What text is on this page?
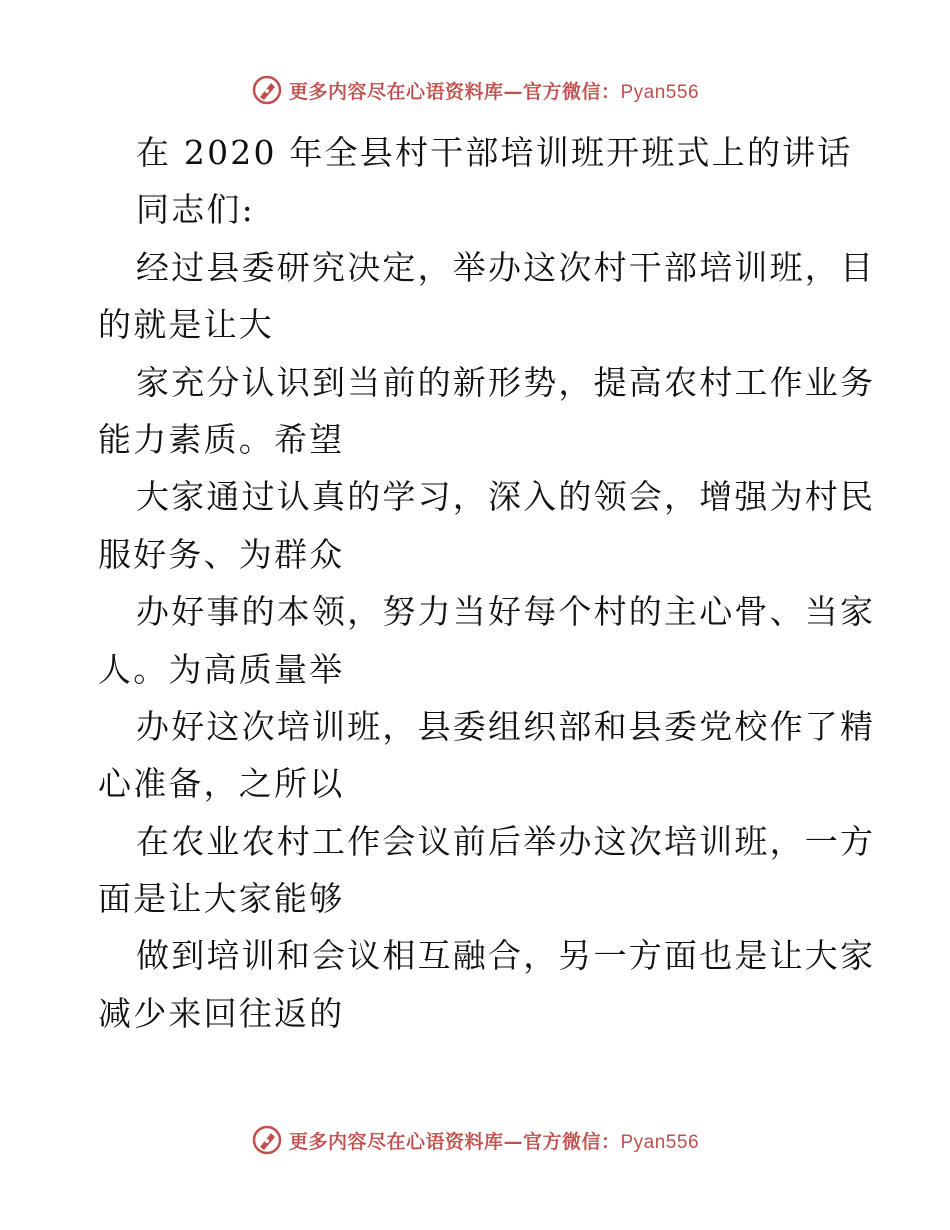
更多内容尽在心语资料库—官方微信：Pyan556
在 2020 年全县村干部培训班开班式上的讲话
同志们:
经过县委研究决定，举办这次村干部培训班，目
的就是让大
家充分认识到当前的新形势，提高农村工作业务
能力素质。希望
大家通过认真的学习，深入的领会，增强为村民
服好务、为群众
办好事的本领，努力当好每个村的主心骨、当家
人。为高质量举
办好这次培训班，县委组织部和县委党校作了精
心准备，之所以
在农业农村工作会议前后举办这次培训班，一方
面是让大家能够
做到培训和会议相互融合，另一方面也是让大家
减少来回往返的
更多内容尽在心语资料库—官方微信：Pyan556
